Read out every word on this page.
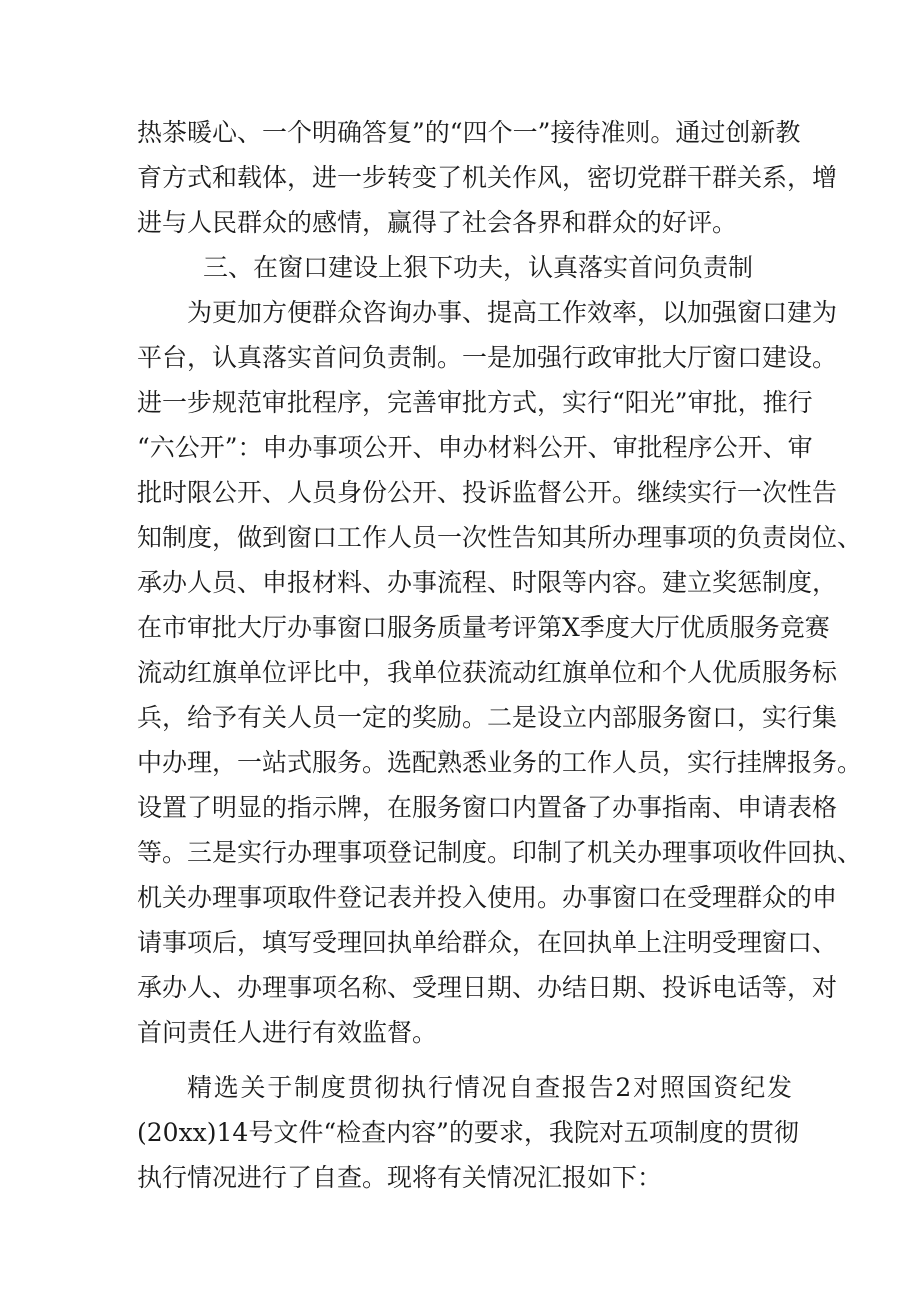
热茶暖心、一个明确答复”的“四个一”接待准则。通过创新教

育方式和载体，进一步转变了机关作风，密切党群干群关系，增

进与人民群众的感情，赢得了社会各界和群众的好评。

三、在窗口建设上狠下功夫，认真落实首问负责制

为更加方便群众咨询办事、提高工作效率，以加强窗口建为

平台，认真落实首问负责制。一是加强行政审批大厅窗口建设。

进一步规范审批程序，完善审批方式，实行“阳光”审批，推行

“六公开”：申办事项公开、申办材料公开、审批程序公开、审

批时限公开、人员身份公开、投诉监督公开。继续实行一次性告

知制度，做到窗口工作人员一次性告知其所办理事项的负责岗位、

承办人员、申报材料、办事流程、时限等内容。建立奖惩制度，

在市审批大厅办事窗口服务质量考评第X季度大厅优质服务竞赛

流动红旗单位评比中，我单位获流动红旗单位和个人优质服务标

兵，给予有关人员一定的奖励。二是设立内部服务窗口，实行集

中办理，一站式服务。选配熟悉业务的工作人员，实行挂牌报务。

设置了明显的指示牌，在服务窗口内置备了办事指南、申请表格

等。三是实行办理事项登记制度。印制了机关办理事项收件回执、

机关办理事项取件登记表并投入使用。办事窗口在受理群众的申

请事项后，填写受理回执单给群众，在回执单上注明受理窗口、

承办人、办理事项名称、受理日期、办结日期、投诉电话等，对

首问责任人进行有效监督。

精选关于制度贯彻执行情况自查报告2对照国资纪发

(20xx)14号文件“检查内容”的要求，我院对五项制度的贯彻

执行情况进行了自查。现将有关情况汇报如下：
